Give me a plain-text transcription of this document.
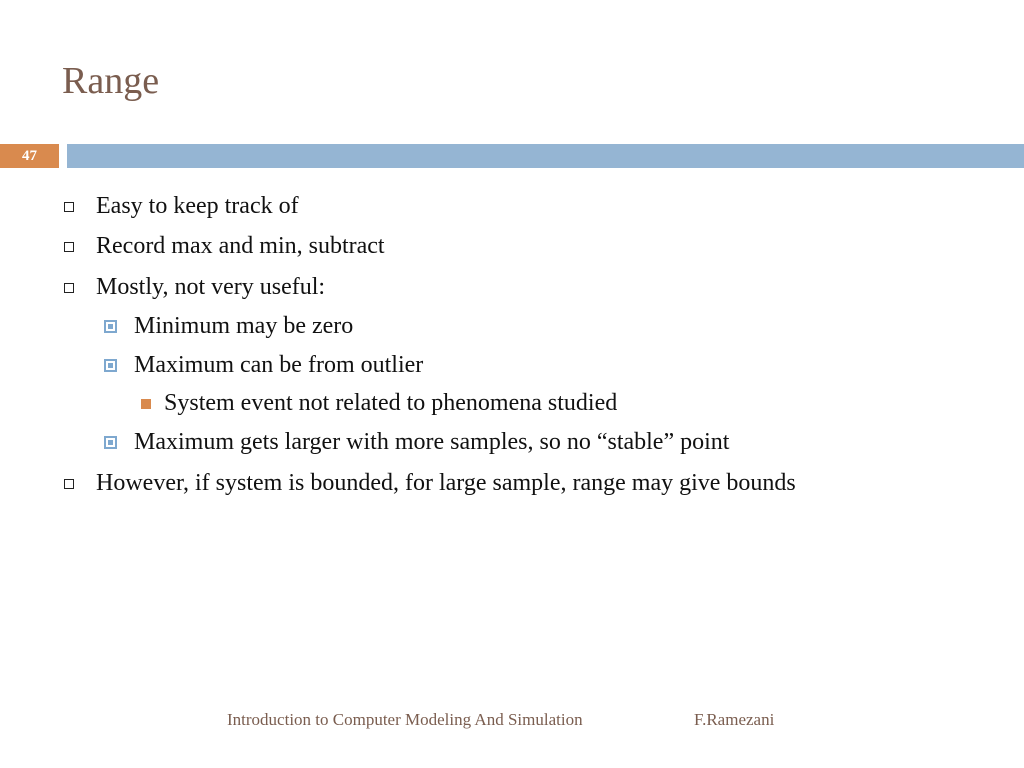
Range
47
Easy to keep track of
Record max and min, subtract
Mostly, not very useful:
Minimum may be zero
Maximum can be from outlier
System event not related to phenomena studied
Maximum gets larger with more samples, so no “stable” point
However, if system is bounded, for large sample, range may give bounds
Introduction to Computer Modeling And Simulation	F.Ramezani
